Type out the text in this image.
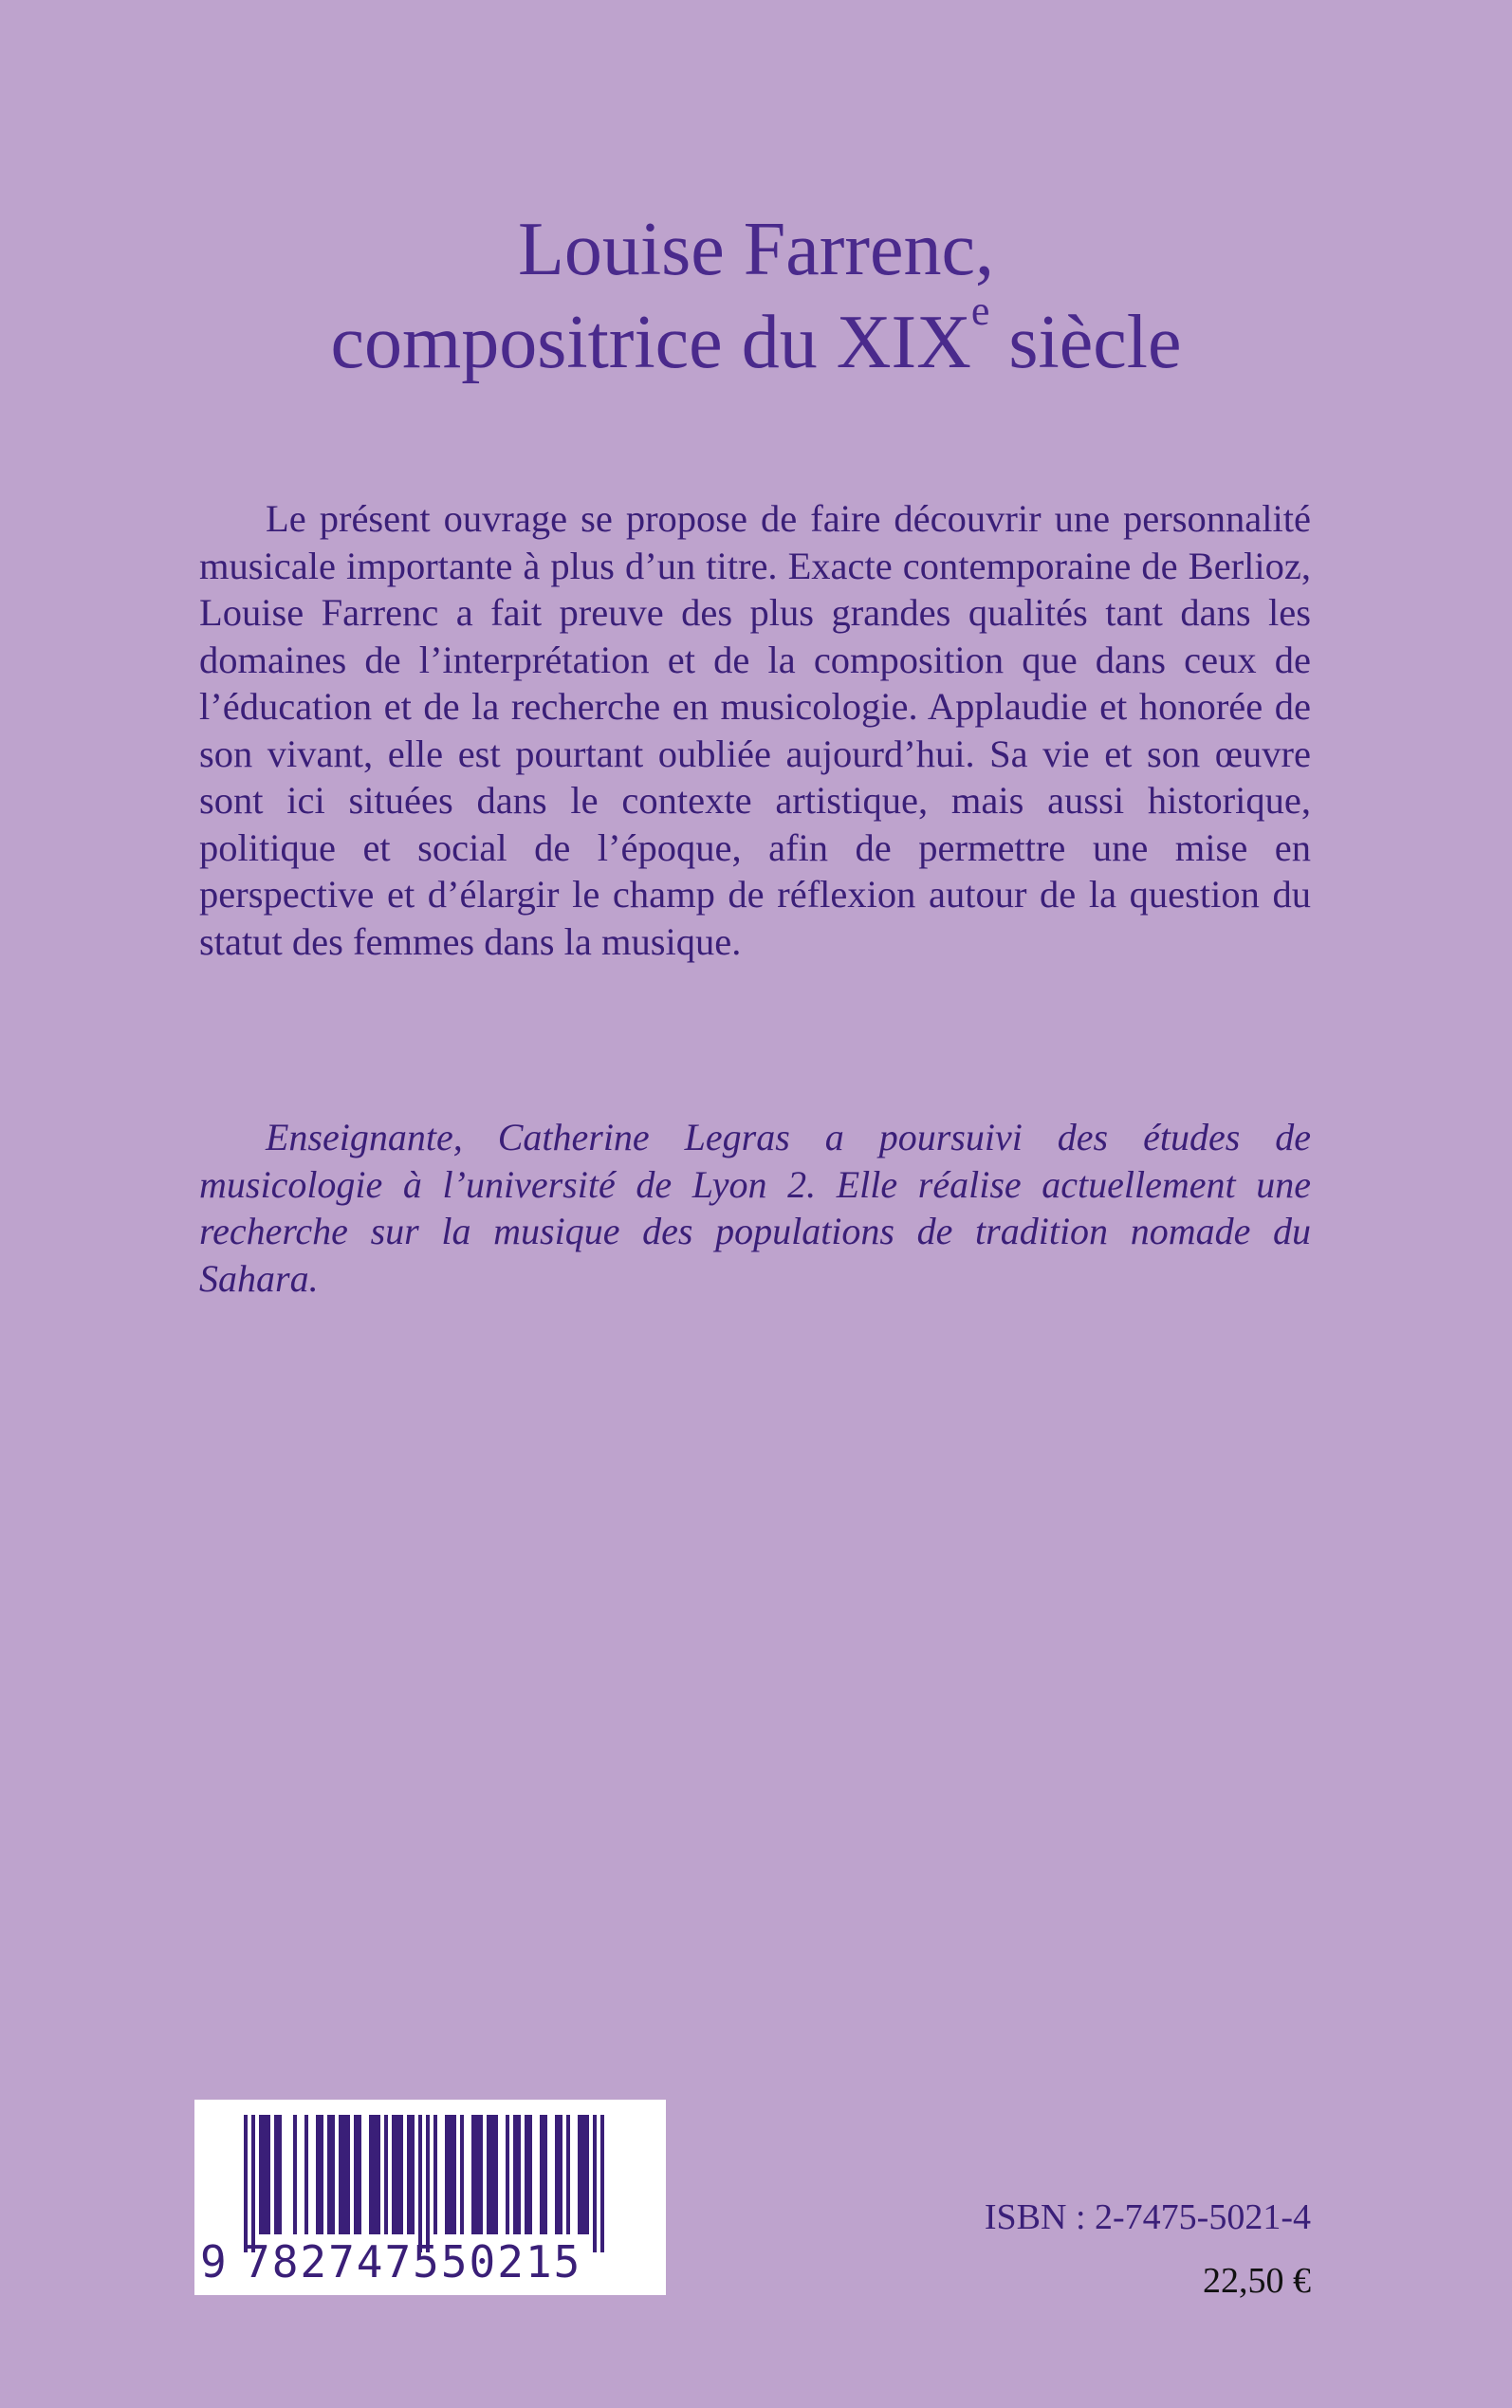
Louise Farrenc,
compositrice du XIXe siècle

Le présent ouvrage se propose de faire découvrir une personnalité musicale importante à plus d’un titre. Exacte contemporaine de Berlioz, Louise Farrenc a fait preuve des plus grandes qualités tant dans les domaines de l’interprétation et de la composition que dans ceux de l’éducation et de la recherche en musicologie. Applaudie et honorée de son vivant, elle est pourtant oubliée aujourd’hui. Sa vie et son œuvre sont ici situées dans le contexte artistique, mais aussi historique, politique et social de l’époque, afin de permettre une mise en perspective et d’élargir le champ de réflexion autour de la question du statut des femmes dans la musique.

Enseignante, Catherine Legras a poursuivi des études de musicologie à l’université de Lyon 2. Elle réalise actuellement une recherche sur la musique des populations de tradition nomade du Sahara.

9 782747550215
ISBN : 2-7475-5021-4
22,50 €
